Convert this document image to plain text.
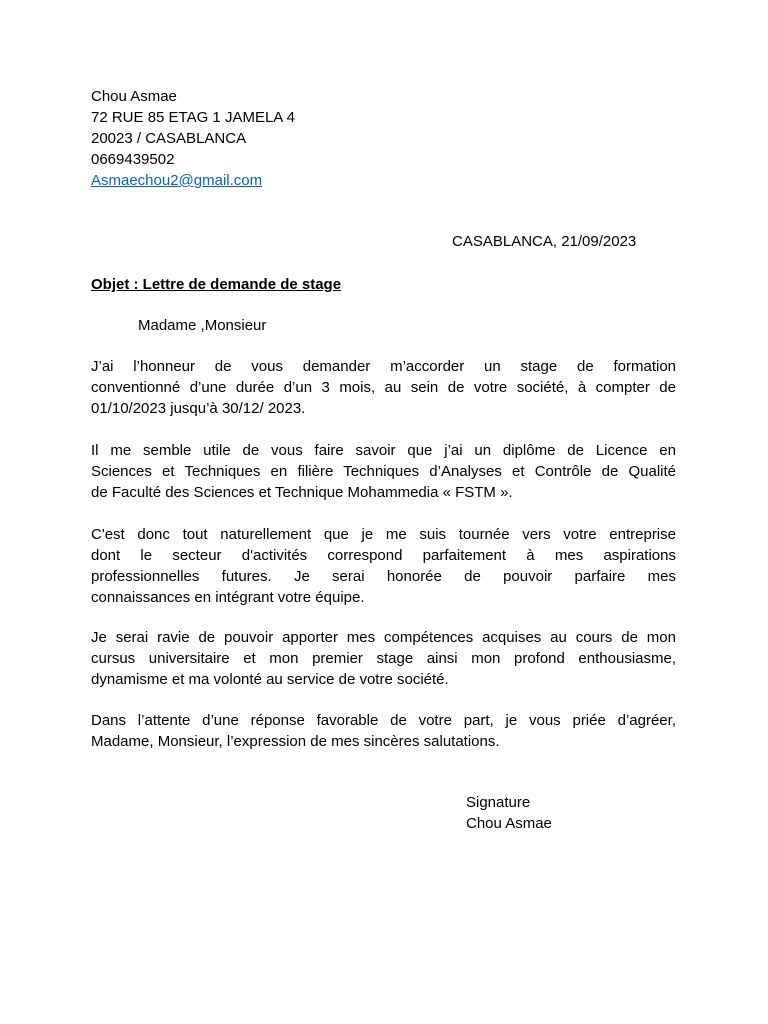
Chou Asmae
72 RUE 85 ETAG 1 JAMELA 4
20023 / CASABLANCA
0669439502
Asmaechou2@gmail.com
CASABLANCA, 21/09/2023
Objet : Lettre de demande de stage
Madame ,Monsieur
J’ai l’honneur de vous demander m’accorder un stage de formation
conventionné d’une durée d’un 3 mois, au sein de votre société, à compter de
01/10/2023 jusqu’à 30/12/ 2023.
Il me semble utile de vous faire savoir que j’ai un diplôme de Licence en
Sciences et Techniques en filière Techniques d’Analyses et Contrôle de Qualité
de Faculté des Sciences et Technique Mohammedia « FSTM ».
C'est donc tout naturellement que je me suis tournée vers votre entreprise
dont le secteur d'activités correspond parfaitement à mes aspirations
professionnelles futures. Je serai honorée de pouvoir parfaire mes
connaissances en intégrant votre équipe.
Je serai ravie de pouvoir apporter mes compétences acquises au cours de mon
cursus universitaire et mon premier stage ainsi mon profond enthousiasme,
dynamisme et ma volonté au service de votre société.
Dans l’attente d’une réponse favorable de votre part, je vous priée d’agréer,
Madame, Monsieur, l’expression de mes sincères salutations.
Signature
Chou Asmae
